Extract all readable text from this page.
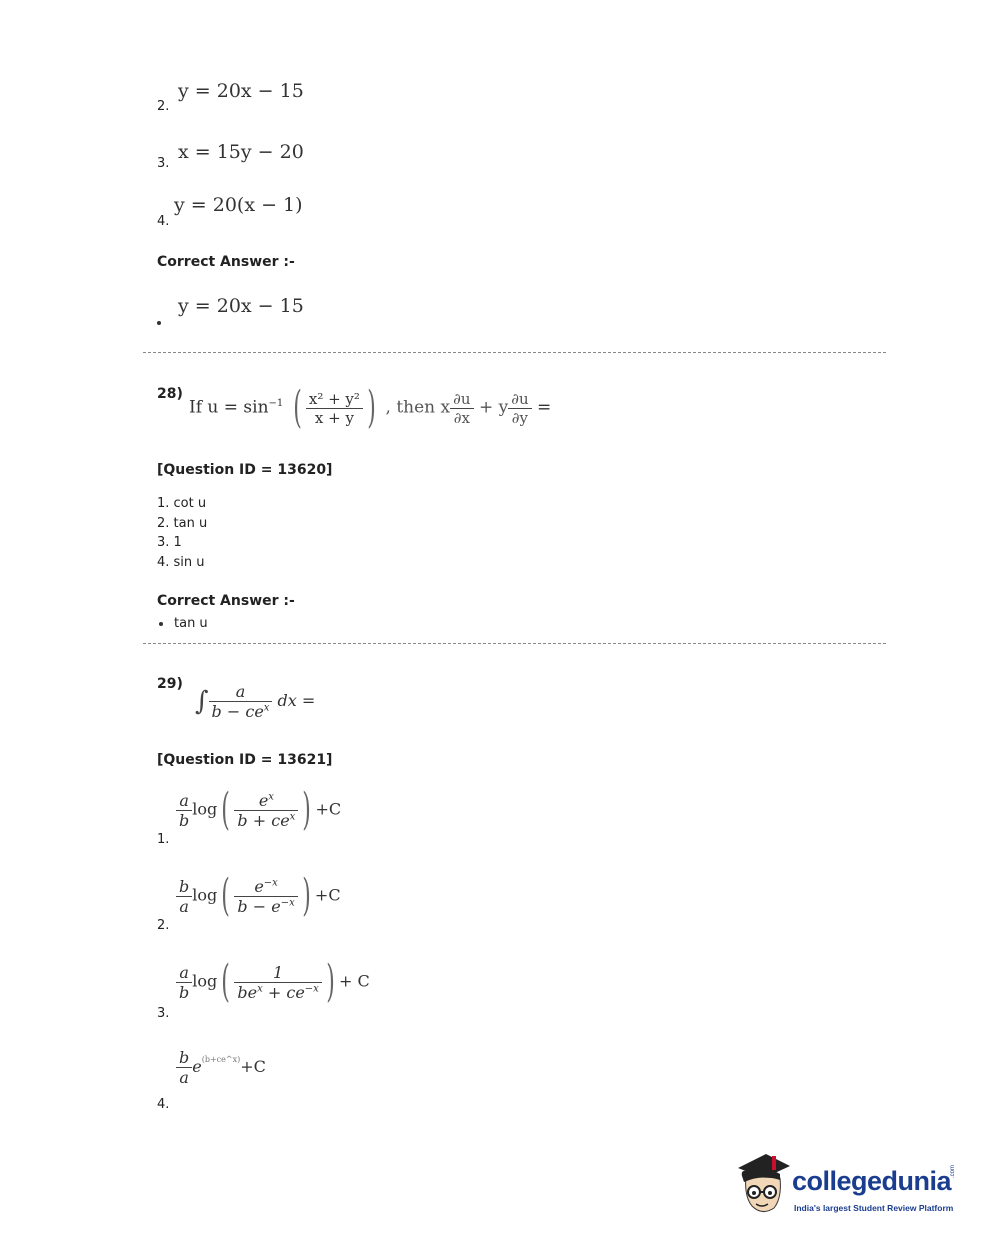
2.
y = 20x − 15
3.
x = 15y − 20
4.
y = 20(x − 1)
Correct Answer :-
y = 20x − 15
28)
If $u = \sin^{-1}$ ( $\frac{\text{x² + y²}}{x + y}$ ) , then x $\frac{\partial u}{\partial x} + y \frac{\partial u}{\partial y}$ =
[Question ID = 13620]
1. cot u
2. tan u
3. 1
4. sin u
Correct Answer :-
tan u
29)
∫ $\frac{a}{b - ce^x}$ dx =
[Question ID = 13621]
$\frac{a}{b} \log( \frac{e^x}{b + ce^x}$ ) +C
1.
$\frac{b}{a} \log( \frac{e^{-x}}{b - e^{-x}}$ ) +C
2.
$\frac{a}{b} \log( \frac{1}{be^x + ce^{-x}}$ ) + C
3.
$\frac{b}{a} e^{(b+ce\^{}x)}+C$
4.
collegedunia
.com
India's largest Student Review Platform
